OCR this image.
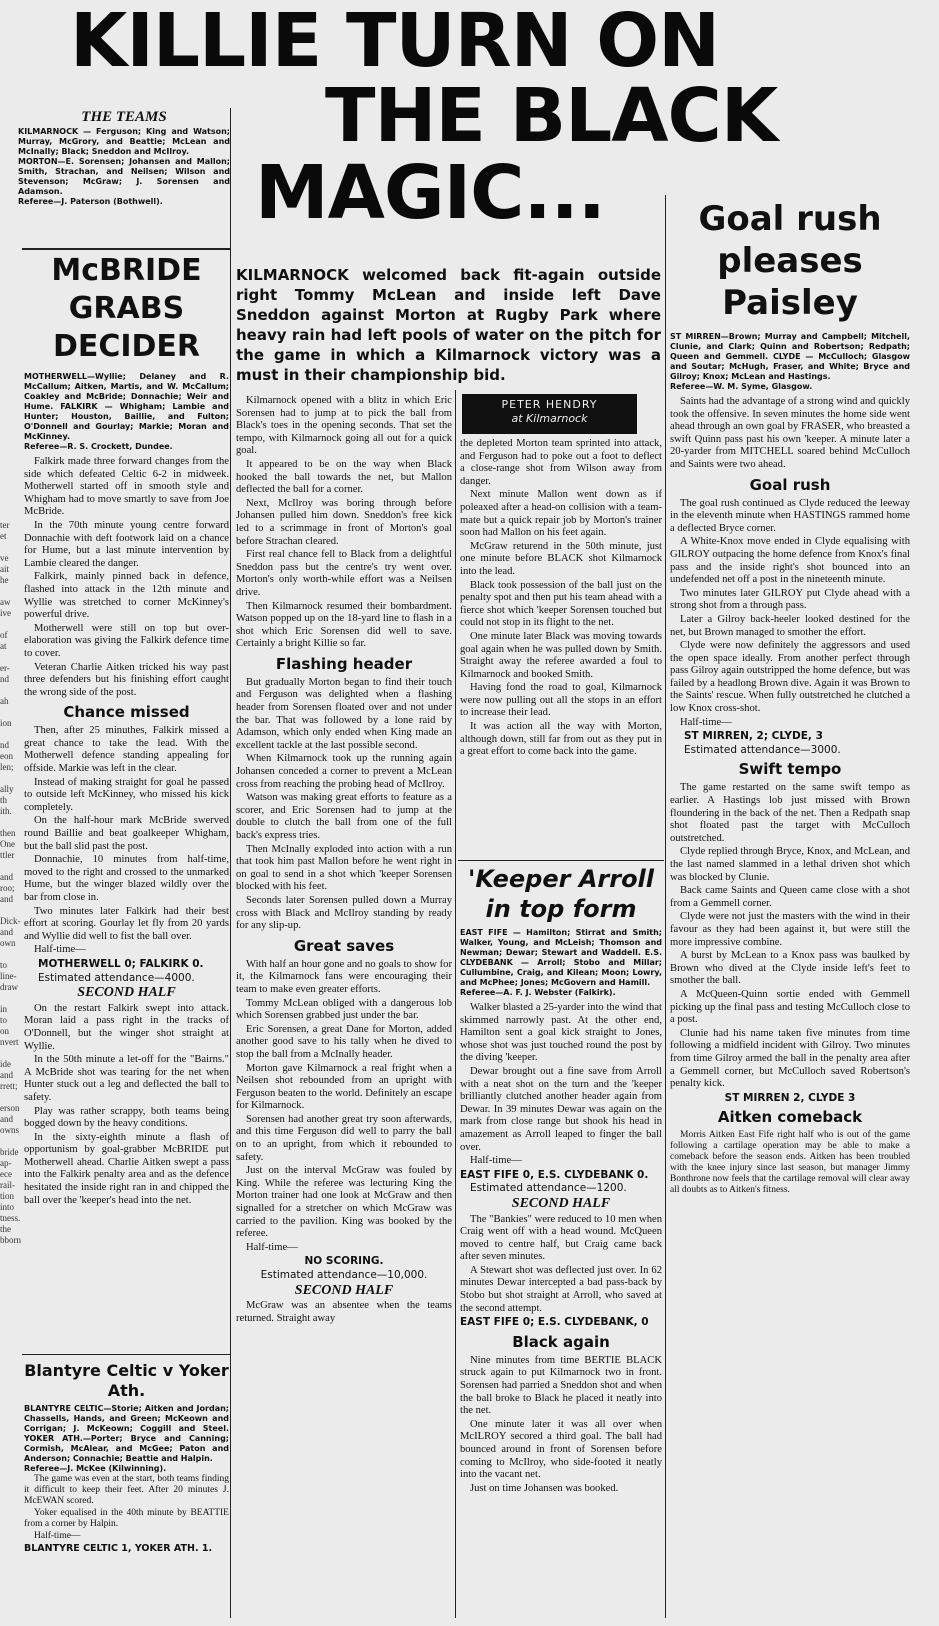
ter
et

ve
ait
he

aw
ive

of
at

er-
nd

ah

ion

nd
eon
len;

ally
th
ith.

then
One
ttler

and
roo;
and

Dick-
and
own

to
line-
draw

in
to
on
nvert

ide
and
rrett;

erson
and
owns

bride
ap-ece
rail-
tion
into
tness.
the
bborn
KILLIE TURN ON
THE BLACK
MAGIC...
THE TEAMS
KILMARNOCK — Ferguson; King and Watson; Murray, McGrory, and Beattie; McLean and McInally; Black; Sneddon and McIlroy.
MORTON—E. Sorensen; Johansen and Mallon; Smith, Strachan, and Neilsen; Wilson and Stevenson; McGraw; J. Sorensen and Adamson.
Referee—J. Paterson (Bothwell).
McBRIDE GRABS DECIDER
MOTHERWELL—Wyllie; Delaney and R. McCallum; Aitken, Martis, and W. McCallum; Coakley and McBride; Donnachie; Weir and Hume. FALKIRK — Whigham; Lambie and Hunter; Houston, Baillie, and Fulton; O'Donnell and Gourlay; Markie; Moran and McKinney.
Referee—R. S. Crockett, Dundee.

Falkirk made three forward changes from the side which defeated Celtic 6-2 in midweek. Motherwell started off in smooth style and Whigham had to move smartly to save from Joe McBride.

In the 70th minute young centre forward Donnachie with deft footwork laid on a chance for Hume, but a last minute intervention by Lambie cleared the danger.

Falkirk, mainly pinned back in defence, flashed into attack in the 12th minute and Wyllie was stretched to corner McKinney's powerful drive.

Motherwell were still on top but over-elaboration was giving the Falkirk defence time to cover.

Veteran Charlie Aitken tricked his way past three defenders but his finishing effort caught the wrong side of the post.

Chance missed

Then, after 25 minuthes, Falkirk missed a great chance to take the lead. With the Motherwell defence standing appealing for offside. Markie was left in the clear.

Instead of making straight for goal he passed to outside left McKinney, who missed his kick completely.

On the half-hour mark McBride swerved round Baillie and beat goalkeeper Whigham, but the ball slid past the post.

Donnachie, 10 minutes from half-time, moved to the right and crossed to the unmarked Hume, but the winger blazed wildly over the bar from close in.

Two minutes later Falkirk had their best effort at scoring. Gourlay let fly from 20 yards and Wyllie did well to fist the ball over.

Half-time—

MOTHERWELL 0; FALKIRK 0.
Estimated attendance—4000.
SECOND HALF

On the restart Falkirk swept into attack. Moran laid a pass right in the tracks of O'Donnell, but the winger shot straight at Wyllie.

In the 50th minute a let-off for the "Bairns." A McBride shot was tearing for the net when Hunter stuck out a leg and deflected the ball to safety.

Play was rather scrappy, both teams being bogged down by the heavy conditions.

In the sixty-eighth minute a flash of opportunism by goal-grabber McBRIDE put Motherwell ahead. Charlie Aitken swept a pass into the Falkirk penalty area and as the defence hesitated the inside right ran in and chipped the ball over the 'keeper's head into the net.

Blantyre Celtic v Yoker Ath.
BLANTYRE CELTIC—Storie; Aitken and Jordan; Chassells, Hands, and Green; McKeown and Corrigan; J. McKeown; Coggill and Steel. YOKER ATH.—Porter; Bryce and Canning; Cormish, McAlear, and McGee; Paton and Anderson; Connachie; Beattie and Halpin.
Referee—J. McKee (Kilwinning).

The game was even at the start, both teams finding it difficult to keep their feet. After 20 minutes J. McEWAN scored.

Yoker equalised in the 40th minute by BEATTIE from a corner by Halpin.

Half-time—

BLANTYRE CELTIC 1, YOKER ATH. 1.
KILMARNOCK welcomed back fit-again outside right Tommy McLean and inside left Dave Sneddon against Morton at Rugby Park where heavy rain had left pools of water on the pitch for the game in which a Kilmarnock victory was a must in their championship bid.
PETER HENDRY
at Kilmarnock

Kilmarnock opened with a blitz in which Eric Sorensen had to jump at to pick the ball from Black's toes in the opening seconds. That set the tempo, with Kilmarnock going all out for a quick goal.

It appeared to be on the way when Black hooked the ball towards the net, but Mallon deflected the ball for a corner.

Next, McIlroy was boring through before Johansen pulled him down. Sneddon's free kick led to a scrimmage in front of Morton's goal before Strachan cleared.

First real chance fell to Black from a delightful Sneddon pass but the centre's try went over. Morton's only worth-while effort was a Neilsen drive.

Then Kilmarnock resumed their bombardment. Watson popped up on the 18-yard line to flash in a shot which Eric Sorensen did well to save. Certainly a bright Killie so far.

Flashing header

But gradually Morton began to find their touch and Ferguson was delighted when a flashing header from Sorensen floated over and not under the bar. That was followed by a lone raid by Adamson, which only ended when King made an excellent tackle at the last possible second.

When Kilmarnock took up the running again Johansen conceded a corner to prevent a McLean cross from reaching the probing head of McIlroy.

Watson was making great efforts to feature as a scorer, and Eric Sorensen had to jump at the double to clutch the ball from one of the full back's express tries.

Then McInally exploded into action with a run that took him past Mallon before he went right in on goal to send in a shot which 'keeper Sorensen blocked with his feet.

Seconds later Sorensen pulled down a Murray cross with Black and McIlroy standing by ready for any slip-up.

Great saves

With half an hour gone and no goals to show for it, the Kilmarnock fans were encouraging their team to make even greater efforts.

Tommy McLean obliged with a dangerous lob which Sorensen grabbed just under the bar.

Eric Sorensen, a great Dane for Morton, added another good save to his tally when he dived to stop the ball from a McInally header.

Morton gave Kilmarnock a real fright when a Neilsen shot rebounded from an upright with Ferguson beaten to the world. Definitely an escape for Kilmarnock.

Sorensen had another great try soon afterwards, and this time Ferguson did well to parry the ball on to an upright, from which it rebounded to safety.

Just on the interval McGraw was fouled by King. While the referee was lecturing King the Morton trainer had one look at McGraw and then signalled for a stretcher on which McGraw was carried to the pavilion. King was booked by the referee.

Half-time—

NO SCORING.
Estimated attendance—10,000.
SECOND HALF

McGraw was an absentee when the teams returned. Straight away

the depleted Morton team sprinted into attack, and Ferguson had to poke out a foot to deflect a close-range shot from Wilson away from danger.

Next minute Mallon went down as if poleaxed after a head-on collision with a team-mate but a quick repair job by Morton's trainer soon had Mallon on his feet again.

McGraw returend in the 50th minute, just one minute before BLACK shot Kilmarnock into the lead.

Black took possession of the ball just on the penalty spot and then put his team ahead with a fierce shot which 'keeper Sorensen touched but could not stop in its flight to the net.

One minute later Black was moving towards goal again when he was pulled down by Smith. Straight away the referee awarded a foul to Kilmarnock and booked Smith.

Having fond the road to goal, Kilmarnock were now pulling out all the stops in an effort to increase their lead.

It was action all the way with Morton, although down, still far from out as they put in a great effort to come back into the game.

'Keeper Arroll
in top form
EAST FIFE — Hamilton; Stirrat and Smith; Walker, Young, and McLeish; Thomson and Newman; Dewar; Stewart and Waddell. E.S. CLYDEBANK — Arroll; Stobo and Millar; Cullumbine, Craig, and Kilean; Moon; Lowry, and McPhee; Jones; McGovern and Hamill.
Referee—A. F. J. Webster (Falkirk).

Walker blasted a 25-yarder into the wind that skimmed narrowly past. At the other end, Hamilton sent a goal kick straight to Jones, whose shot was just touched round the post by the diving 'keeper.

Dewar brought out a fine save from Arroll with a neat shot on the turn and the 'keeper brilliantly clutched another header again from Dewar. In 39 minutes Dewar was again on the mark from close range but shook his head in amazement as Arroll leaped to finger the ball over.

Half-time—

EAST FIFE 0, E.S. CLYDEBANK 0.
Estimated attendance—1200.
SECOND HALF

The "Bankies" were reduced to 10 men when Craig went off with a head wound. McQueen moved to centre half, but Craig came back after seven minutes.

A Stewart shot was deflected just over. In 62 minutes Dewar intercepted a bad pass-back by Stobo but shot straight at Arroll, who saved at the second attempt.

EAST FIFE 0; E.S. CLYDEBANK, 0
Black again

Nine minutes from time BERTIE BLACK struck again to put Kilmarnock two in front. Sorensen had parried a Sneddon shot and when the ball broke to Black he placed it neatly into the net.

One minute later it was all over when McILROY secored a third goal. The ball had bounced around in front of Sorensen before coming to McIlroy, who side-footed it neatly into the vacant net.

Just on time Johansen was booked.

Goal rush
pleases
Paisley
ST MIRREN—Brown; Murray and Campbell; Mitchell, Clunie, and Clark; Quinn and Robertson; Redpath; Queen and Gemmell. CLYDE — McCulloch; Glasgow and Soutar; McHugh, Fraser, and White; Bryce and Gilroy; Knox; McLean and Hastings.
Referee—W. M. Syme, Glasgow.

Saints had the advantage of a strong wind and quickly took the offensive. In seven minutes the home side went ahead through an own goal by FRASER, who breasted a swift Quinn pass past his own 'keeper. A minute later a 20-yarder from MITCHELL soared behind McCulloch and Saints were two ahead.

Goal rush

The goal rush continued as Clyde reduced the leeway in the eleventh minute when HASTINGS rammed home a deflected Bryce corner.

A White-Knox move ended in Clyde equalising with GILROY outpacing the home defence from Knox's final pass and the inside right's shot bounced into an undefended net off a post in the nineteenth minute.

Two minutes later GILROY put Clyde ahead with a strong shot from a through pass.

Later a Gilroy back-heeler looked destined for the net, but Brown managed to smother the effort.

Clyde were now definitely the aggressors and used the open space ideally. From another perfect through pass Gilroy again outstripped the home defence, but was failed by a headlong Brown dive. Again it was Brown to the Saints' rescue. When fully outstretched he clutched a low Knox cross-shot.

Half-time—

ST MIRREN, 2; CLYDE, 3
Estimated attendance—3000.
Swift tempo

The game restarted on the same swift tempo as earlier. A Hastings lob just missed with Brown floundering in the back of the net. Then a Redpath snap shot floated past the target with McCulloch outstretched.

Clyde replied through Bryce, Knox, and McLean, and the last named slammed in a lethal driven shot which was blocked by Clunie.

Back came Saints and Queen came close with a shot from a Gemmell corner.

Clyde were not just the masters with the wind in their favour as they had been against it, but were still the more impressive combine.

A burst by McLean to a Knox pass was baulked by Brown who dived at the Clyde inside left's feet to smother the ball.

A McQueen-Quinn sortie ended with Gemmell picking up the final pass and testing McCulloch close to a post.

Clunie had his name taken five minutes from time following a midfield incident with Gilroy. Two minutes from time Gilroy armed the ball in the penalty area after a Gemmell corner, but McCulloch saved Robertson's penalty kick.

ST MIRREN 2, CLYDE 3
Aitken comeback

Morris Aitken East Fife right half who is out of the game following a cartilage operation may be able to make a comeback before the season ends. Aitken has been troubled with the knee injury since last season, but manager Jimmy Bonthrone now feels that the cartilage removal will clear away all doubts as to Aitken's fitness.
